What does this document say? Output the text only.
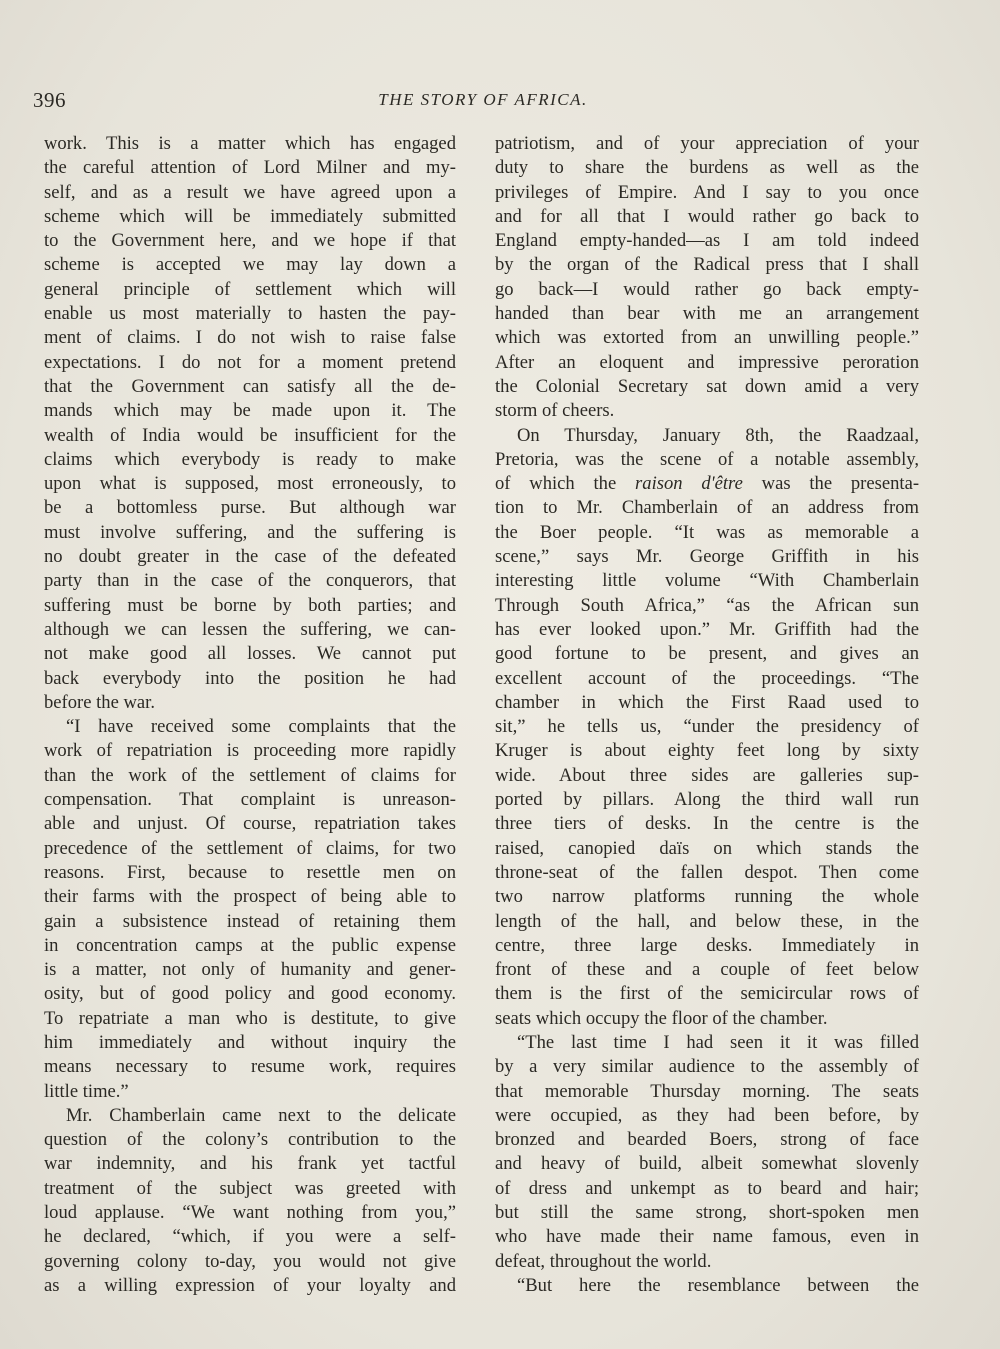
396	THE STORY OF AFRICA.
work. This is a matter which has engaged
the careful attention of Lord Milner and my-
self, and as a result we have agreed upon a
scheme which will be immediately submitted
to the Government here, and we hope if that
scheme is accepted we may lay down a
general principle of settlement which will
enable us most materially to hasten the pay-
ment of claims. I do not wish to raise false
expectations. I do not for a moment pretend
that the Government can satisfy all the de-
mands which may be made upon it. The
wealth of India would be insufficient for the
claims which everybody is ready to make
upon what is supposed, most erroneously, to
be a bottomless purse. But although war
must involve suffering, and the suffering is
no doubt greater in the case of the defeated
party than in the case of the conquerors, that
suffering must be borne by both parties; and
although we can lessen the suffering, we can-
not make good all losses. We cannot put
back everybody into the position he had
before the war.
“I have received some complaints that the
work of repatriation is proceeding more rapidly
than the work of the settlement of claims for
compensation. That complaint is unreason-
able and unjust. Of course, repatriation takes
precedence of the settlement of claims, for two
reasons. First, because to resettle men on
their farms with the prospect of being able to
gain a subsistence instead of retaining them
in concentration camps at the public expense
is a matter, not only of humanity and gener-
osity, but of good policy and good economy.
To repatriate a man who is destitute, to give
him immediately and without inquiry the
means necessary to resume work, requires
little time.”
Mr. Chamberlain came next to the delicate
question of the colony’s contribution to the
war indemnity, and his frank yet tactful
treatment of the subject was greeted with
loud applause. “We want nothing from you,”
he declared, “which, if you were a self-
governing colony to-day, you would not give
as a willing expression of your loyalty and
patriotism, and of your appreciation of your
duty to share the burdens as well as the
privileges of Empire. And I say to you once
and for all that I would rather go back to
England empty-handed—as I am told indeed
by the organ of the Radical press that I shall
go back—I would rather go back empty-
handed than bear with me an arrangement
which was extorted from an unwilling people.”
After an eloquent and impressive peroration
the Colonial Secretary sat down amid a very
storm of cheers.
On Thursday, January 8th, the Raadzaal,
Pretoria, was the scene of a notable assembly,
of which the raison d'être was the presenta-
tion to Mr. Chamberlain of an address from
the Boer people. “It was as memorable a
scene,” says Mr. George Griffith in his
interesting little volume “With Chamberlain
Through South Africa,” “as the African sun
has ever looked upon.” Mr. Griffith had the
good fortune to be present, and gives an
excellent account of the proceedings. “The
chamber in which the First Raad used to
sit,” he tells us, “under the presidency of
Kruger is about eighty feet long by sixty
wide. About three sides are galleries sup-
ported by pillars. Along the third wall run
three tiers of desks. In the centre is the
raised, canopied daïs on which stands the
throne-seat of the fallen despot. Then come
two narrow platforms running the whole
length of the hall, and below these, in the
centre, three large desks. Immediately in
front of these and a couple of feet below
them is the first of the semicircular rows of
seats which occupy the floor of the chamber.
“The last time I had seen it it was filled
by a very similar audience to the assembly of
that memorable Thursday morning. The seats
were occupied, as they had been before, by
bronzed and bearded Boers, strong of face
and heavy of build, albeit somewhat slovenly
of dress and unkempt as to beard and hair;
but still the same strong, short-spoken men
who have made their name famous, even in
defeat, throughout the world.
“But here the resemblance between the
